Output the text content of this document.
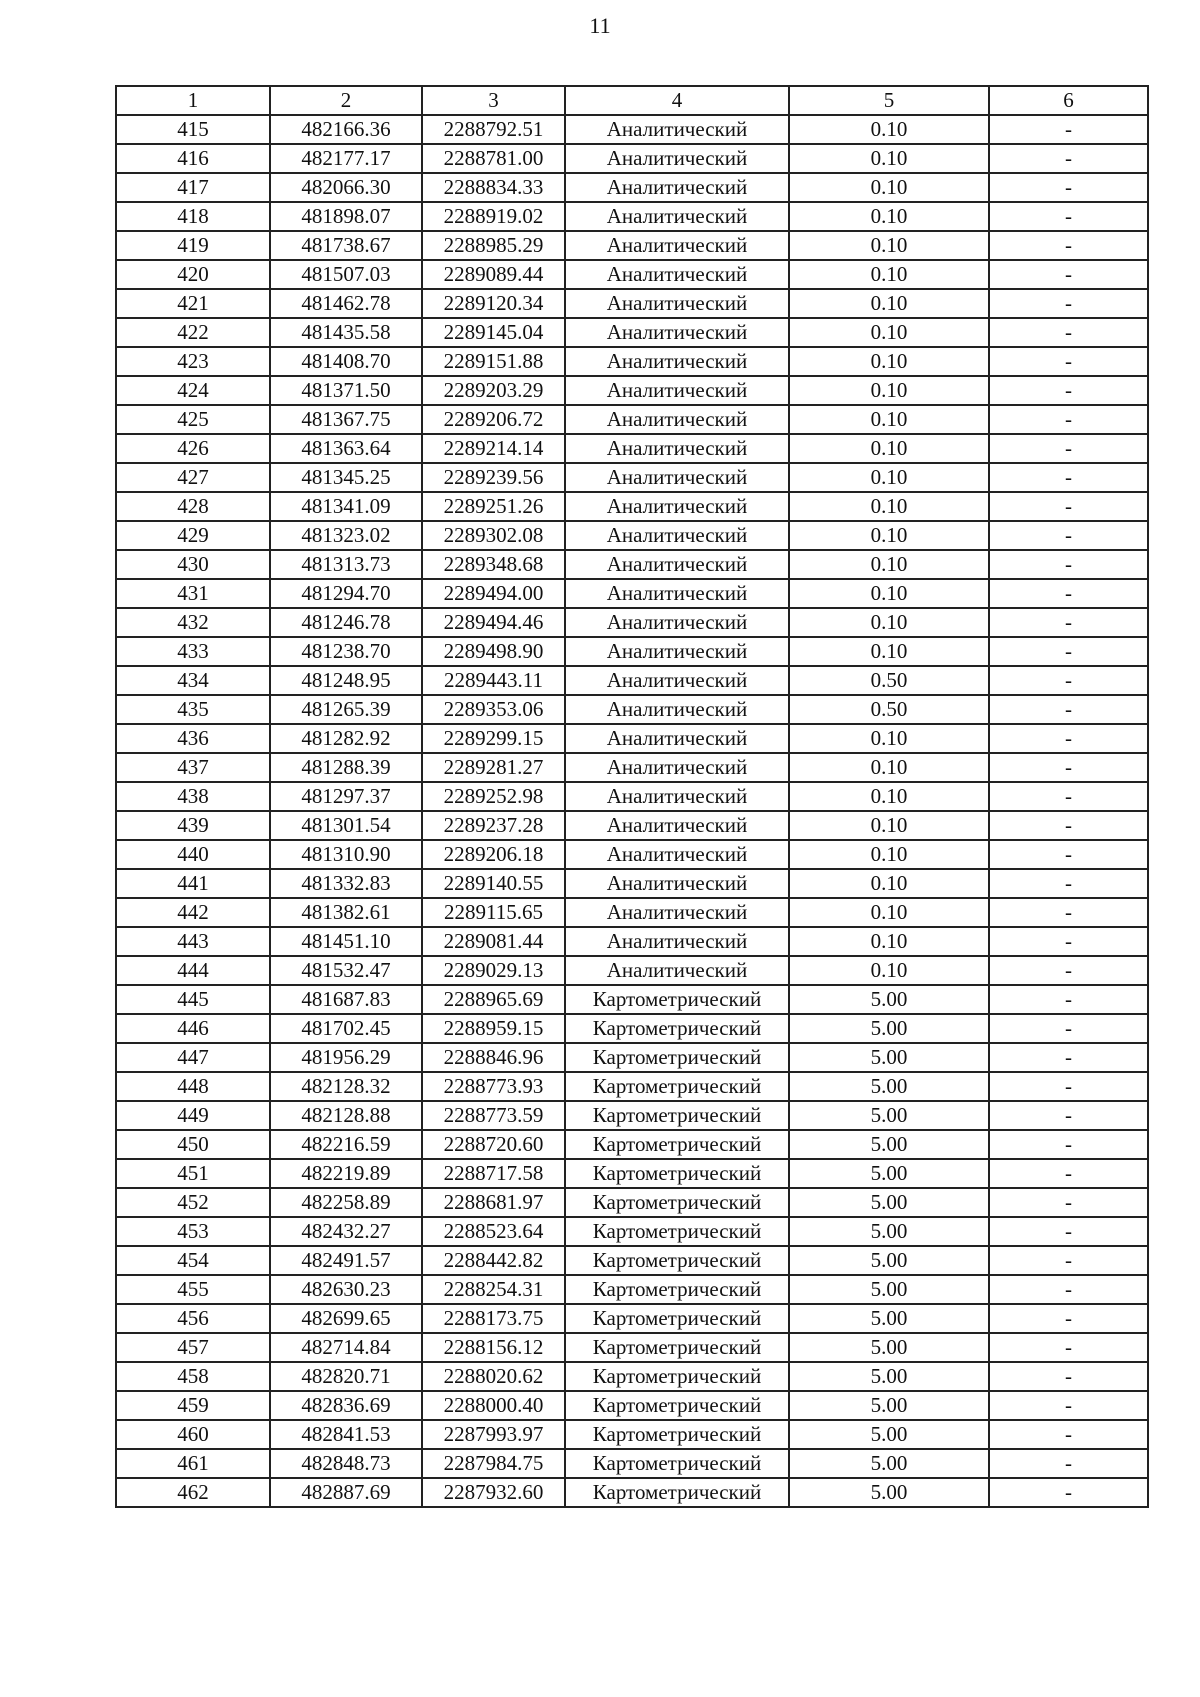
11
1	2	3	4	5	6
415	482166.36	2288792.51	Аналитический	0.10	-
416	482177.17	2288781.00	Аналитический	0.10	-
417	482066.30	2288834.33	Аналитический	0.10	-
418	481898.07	2288919.02	Аналитический	0.10	-
419	481738.67	2288985.29	Аналитический	0.10	-
420	481507.03	2289089.44	Аналитический	0.10	-
421	481462.78	2289120.34	Аналитический	0.10	-
422	481435.58	2289145.04	Аналитический	0.10	-
423	481408.70	2289151.88	Аналитический	0.10	-
424	481371.50	2289203.29	Аналитический	0.10	-
425	481367.75	2289206.72	Аналитический	0.10	-
426	481363.64	2289214.14	Аналитический	0.10	-
427	481345.25	2289239.56	Аналитический	0.10	-
428	481341.09	2289251.26	Аналитический	0.10	-
429	481323.02	2289302.08	Аналитический	0.10	-
430	481313.73	2289348.68	Аналитический	0.10	-
431	481294.70	2289494.00	Аналитический	0.10	-
432	481246.78	2289494.46	Аналитический	0.10	-
433	481238.70	2289498.90	Аналитический	0.10	-
434	481248.95	2289443.11	Аналитический	0.50	-
435	481265.39	2289353.06	Аналитический	0.50	-
436	481282.92	2289299.15	Аналитический	0.10	-
437	481288.39	2289281.27	Аналитический	0.10	-
438	481297.37	2289252.98	Аналитический	0.10	-
439	481301.54	2289237.28	Аналитический	0.10	-
440	481310.90	2289206.18	Аналитический	0.10	-
441	481332.83	2289140.55	Аналитический	0.10	-
442	481382.61	2289115.65	Аналитический	0.10	-
443	481451.10	2289081.44	Аналитический	0.10	-
444	481532.47	2289029.13	Аналитический	0.10	-
445	481687.83	2288965.69	Картометрический	5.00	-
446	481702.45	2288959.15	Картометрический	5.00	-
447	481956.29	2288846.96	Картометрический	5.00	-
448	482128.32	2288773.93	Картометрический	5.00	-
449	482128.88	2288773.59	Картометрический	5.00	-
450	482216.59	2288720.60	Картометрический	5.00	-
451	482219.89	2288717.58	Картометрический	5.00	-
452	482258.89	2288681.97	Картометрический	5.00	-
453	482432.27	2288523.64	Картометрический	5.00	-
454	482491.57	2288442.82	Картометрический	5.00	-
455	482630.23	2288254.31	Картометрический	5.00	-
456	482699.65	2288173.75	Картометрический	5.00	-
457	482714.84	2288156.12	Картометрический	5.00	-
458	482820.71	2288020.62	Картометрический	5.00	-
459	482836.69	2288000.40	Картометрический	5.00	-
460	482841.53	2287993.97	Картометрический	5.00	-
461	482848.73	2287984.75	Картометрический	5.00	-
462	482887.69	2287932.60	Картометрический	5.00	-
